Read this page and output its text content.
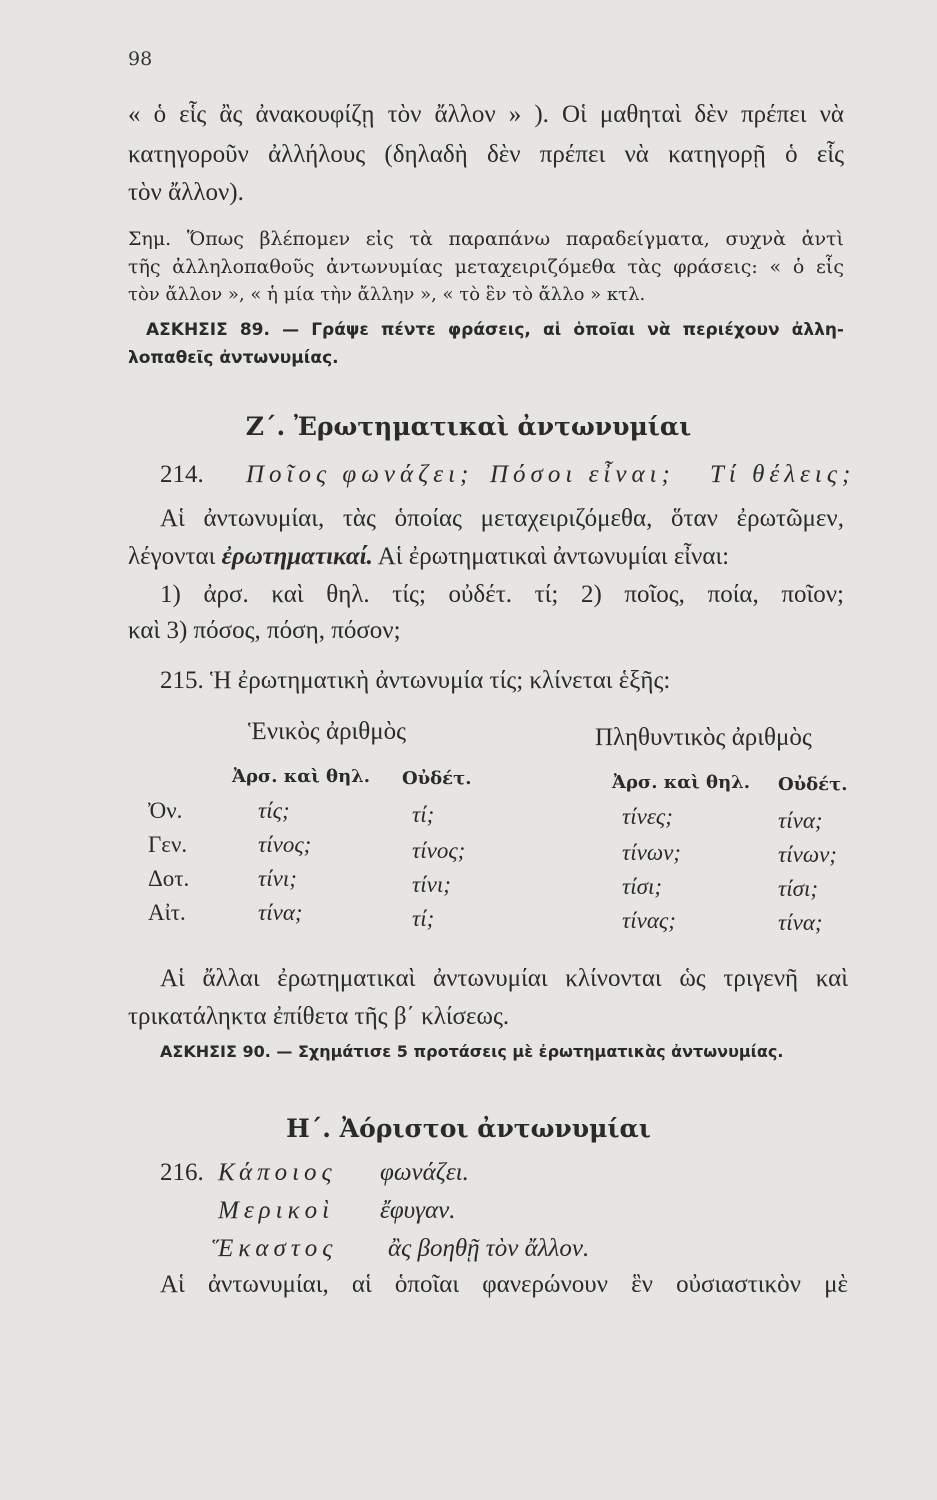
98
« ὁ εἷς ἂς ἀνακουφίζῃ τὸν ἄλλον » ). Οἱ μαθηταὶ δὲν πρέπει νὰ
κατηγοροῦν ἀλλήλους (δηλαδὴ δὲν πρέπει νὰ κατηγορῇ ὁ εἷς
τὸν ἄλλον).
Σημ. Ὅπως βλέπομεν εἰς τὰ παραπάνω παραδείγματα, συχνὰ ἀντὶ
τῆς ἀλληλοπαθοῦς ἀντωνυμίας μεταχειριζόμεθα τὰς φράσεις: « ὁ εἷς
τὸν ἄλλον », « ἡ μία τὴν ἄλλην », « τὸ ἓν τὸ ἄλλο » κτλ.
ΑΣΚΗΣΙΣ 89. — Γράψε πέντε φράσεις, αἱ ὁποῖαι νὰ περιέχουν ἀλλη-
λοπαθεῖς ἀντωνυμίας.
Ζ΄. Ἐρωτηματικαὶ ἀντωνυμίαι
214. Ποῖος φωνάζει; Πόσοι εἶναι; Τί θέλεις;
Αἱ ἀντωνυμίαι, τὰς ὁποίας μεταχειριζόμεθα, ὅταν ἐρωτῶμεν,
λέγονται ἐρωτηματικαί. Αἱ ἐρωτηματικαὶ ἀντωνυμίαι εἶναι:
1) ἀρσ. καὶ θηλ. τίς; οὐδέτ. τί; 2) ποῖος, ποία, ποῖον;
καὶ 3) πόσος, πόση, πόσον;
215. Ἡ ἐρωτηματικὴ ἀντωνυμία τίς; κλίνεται ἑξῆς:
Ἑνικὸς ἀριθμὸς	Πληθυντικὸς ἀριθμὸς
Ἀρσ. καὶ θηλ. Οὐδέτ.	Ἀρσ. καὶ θηλ. Οὐδέτ.
Ὀν.	τίς;	τί;	τίνες;	τίνα;
Γεν.	τίνος;	τίνος;	τίνων;	τίνων;
Δοτ.	τίνι;	τίνι;	τίσι;	τίσι;
Αἰτ.	τίνα;	τί;	τίνας;	τίνα;
Αἱ ἄλλαι ἐρωτηματικαὶ ἀντωνυμίαι κλίνονται ὡς τριγενῆ καὶ
τρικατάληκτα ἐπίθετα τῆς β΄ κλίσεως.
ΑΣΚΗΣΙΣ 90. — Σχημάτισε 5 προτάσεις μὲ ἐρωτηματικὰς ἀντωνυμίας.
Η΄. Ἀόριστοι ἀντωνυμίαι
216. Κάποιος φωνάζει.
Μερικοὶ ἔφυγαν.
Ἕκαστος ἂς βοηθῇ τὸν ἄλλον.
Αἱ ἀντωνυμίαι, αἱ ὁποῖαι φανερώνουν ἓν οὐσιαστικὸν μὲ
